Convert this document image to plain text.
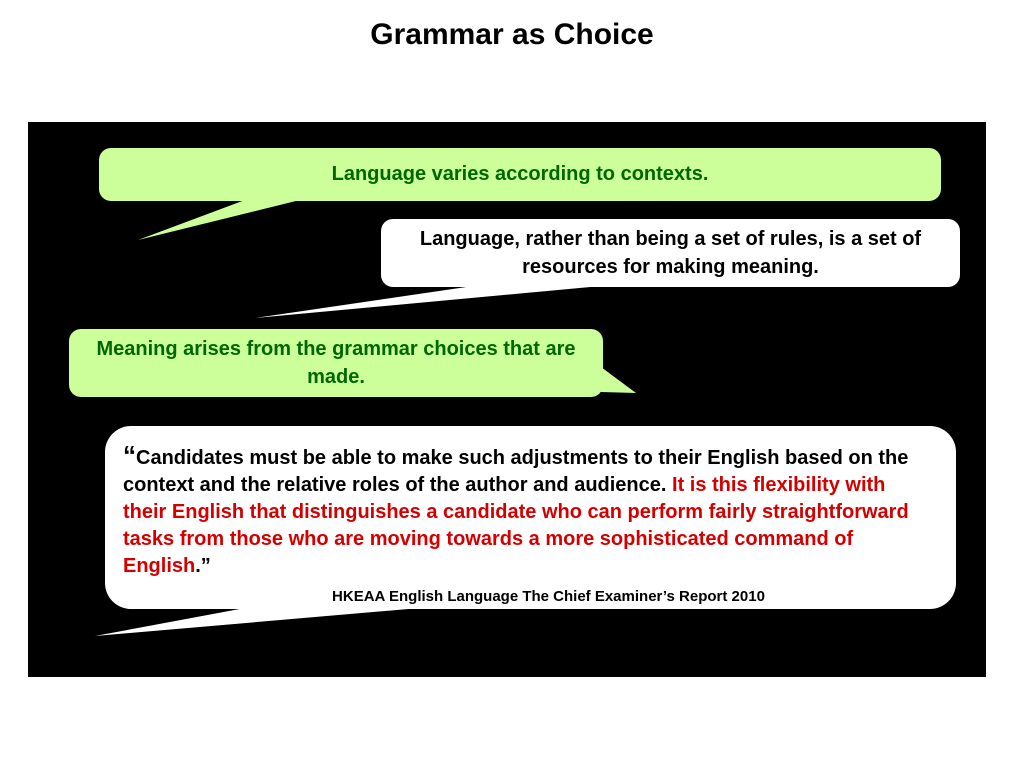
Grammar as Choice
Language varies according to contexts.
Language, rather than being a set of rules, is a set of resources for making meaning.
Meaning arises from the grammar choices that are made.
“Candidates must be able to make such adjustments to their English based on the context and the relative roles of the author and audience. It is this flexibility with their English that distinguishes a candidate who can perform fairly straightforward tasks from those who are moving towards a more sophisticated command of English.”
HKEAA English Language The Chief Examiner’s Report 2010
